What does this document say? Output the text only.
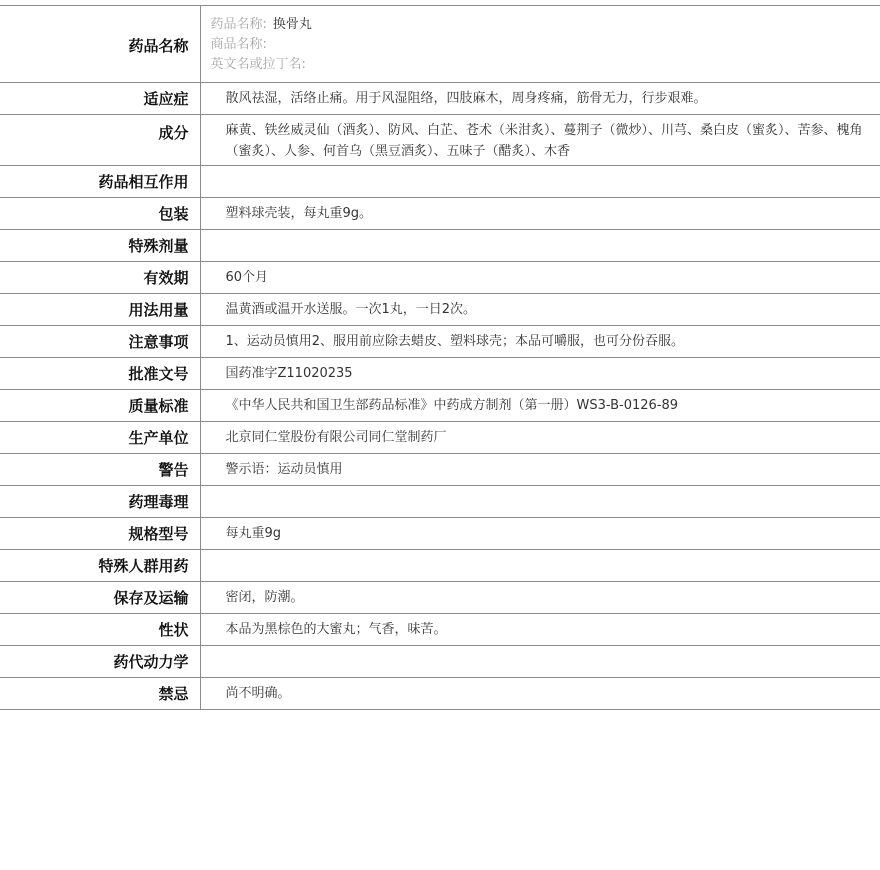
药品名称	药品名称: 换骨丸
商品名称:
英文名或拉丁名:

适应症	散风祛湿，活络止痛。用于风湿阻络，四肢麻木，周身疼痛，筋骨无力，行步艰难。
成分	麻黄、铁丝威灵仙（酒炙）、防风、白芷、苍术（米泔炙）、蔓荆子（微炒）、川芎、桑白皮（蜜炙）、苦参、槐角（蜜炙）、人参、何首乌（黑豆酒炙）、五味子（醋炙）、木香
药品相互作用	
包装	塑料球壳装，每丸重9g。
特殊剂量	
有效期	60个月
用法用量	温黄酒或温开水送服。一次1丸，一日2次。
注意事项	1、运动员慎用2、服用前应除去蜡皮、塑料球壳；本品可嚼服，也可分份吞服。
批准文号	国药准字Z11020235
质量标准	《中华人民共和国卫生部药品标准》中药成方制剂（第一册）WS3-B-0126-89
生产单位	北京同仁堂股份有限公司同仁堂制药厂
警告	警示语：运动员慎用
药理毒理	
规格型号	每丸重9g
特殊人群用药	
保存及运输	密闭，防潮。
性状	本品为黑棕色的大蜜丸；气香，味苦。
药代动力学	
禁忌	尚不明确。
